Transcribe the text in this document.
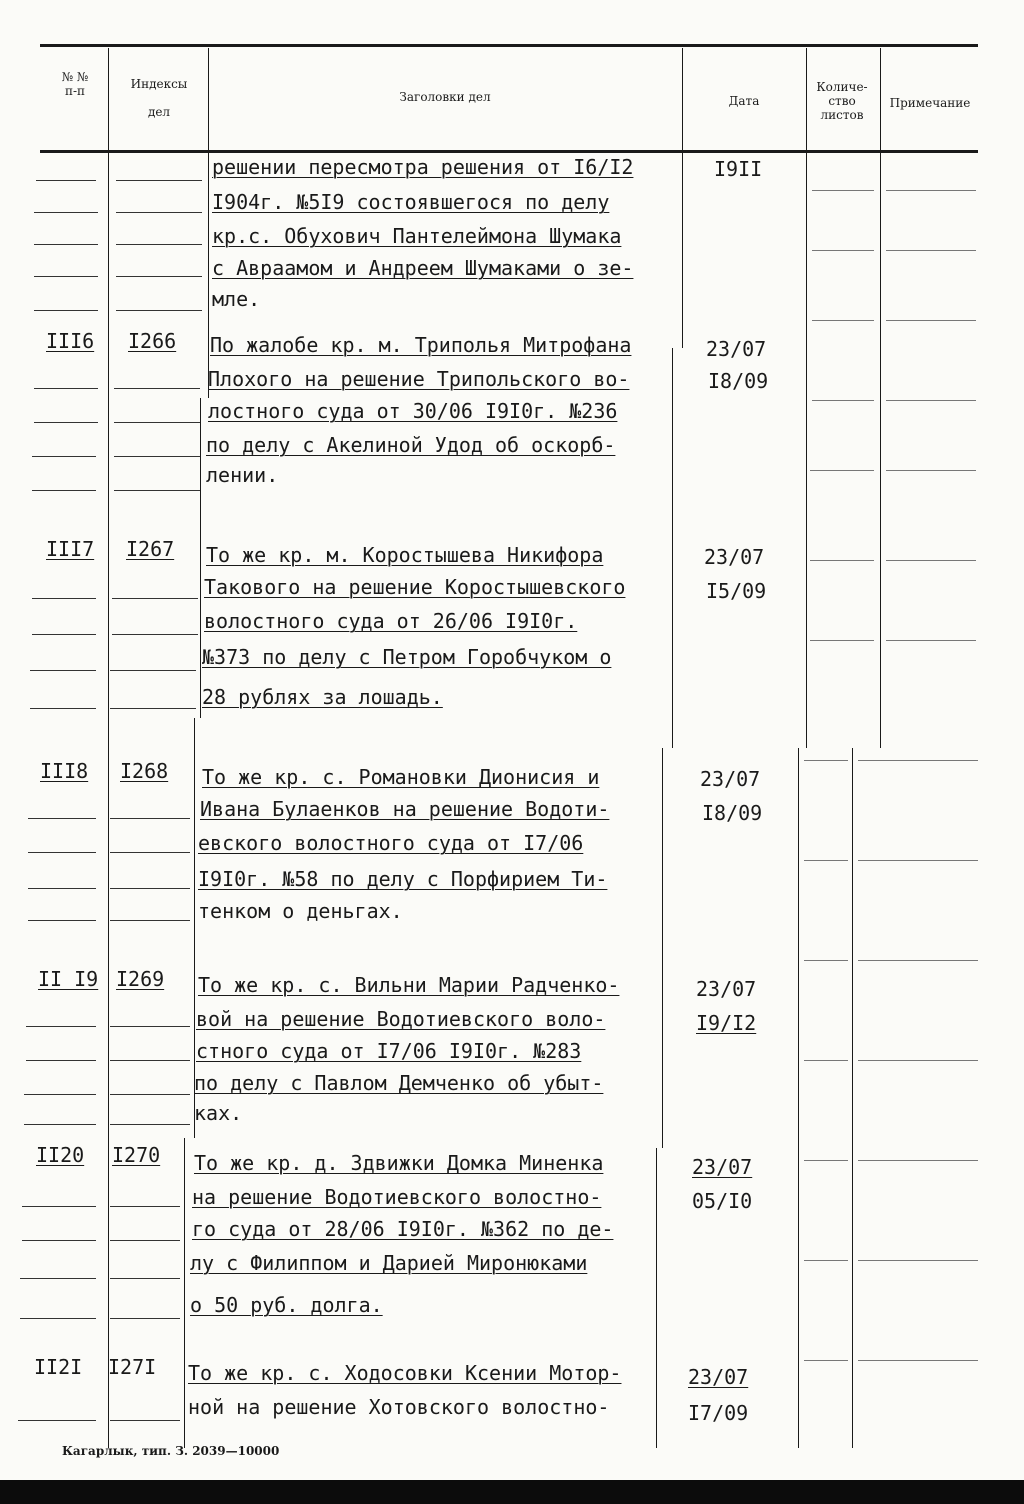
№ №
п-п	Индексы
дел
Заголовки дел	Дата
Количе-
ство
листов
Примечание
решении пересмотра решения от I6/I2
I904г. №5I9 состоявшегося по делу
кр.с. Обухович Пантелеймона Шумака
с Авраамом и Андреем Шумаками о зе-
мле.
I9II
IIІ6 I266 По жалобе кр. м. Триполья Митрофана
Плохого на решение Трипольского во-
лостного суда от 30/06 I9I0г. №236
по делу с Акелиной Удод об оскорб-
лении.
23/07
I8/09
III7 I267 То же кр. м. Коростышева Никифора
Такового на решение Коростышевского
волостного суда от 26/06 I9I0г.
№373 по делу с Петром Горобчуком о
28 рублях за лошадь.
23/07
I5/09
III8 I268 То же кр. с. Романовки Дионисия и
Ивана Булаенков на решение Водоти-
евского волостного суда от I7/06
I9I0г. №58 по делу с Порфирием Ти-
тенком о деньгах.
23/07
I8/09
II I9 I269 То же кр. с. Вильни Марии Радченко-
вой на решение Водотиевского воло-
стного суда от I7/06 I9I0г. №283
по делу с Павлом Демченко об убыт-
ках.
23/07
I9/I2
II20 I270 То же кр. д. Здвижки Домка Миненка
на решение Водотиевского волостно-
го суда от 28/06 I9I0г. №362 по де-
лу с Филиппом и Дарией Миронюками
о 50 руб. долга.
23/07
05/I0
II2I I27I То же кр. с. Ходосовки Ксении Мотор-
ной на решение Хотовского волостно-
23/07
I7/09
Кагарлык, тип. З. 2039—10000
